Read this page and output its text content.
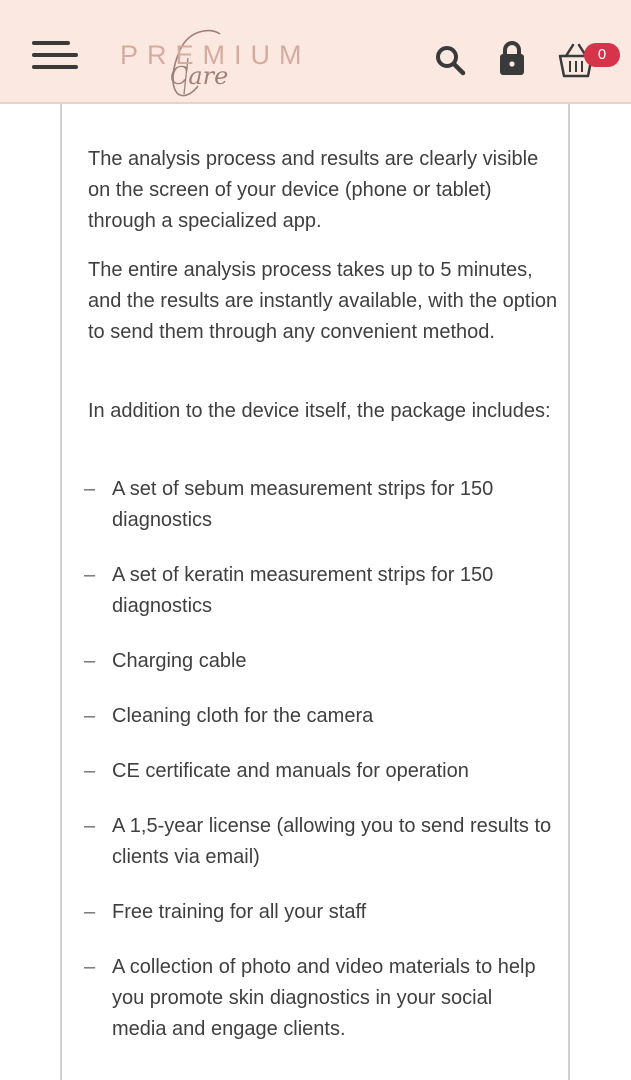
PREMIUM
Care
0

The analysis process and results are clearly visible on the screen of your device (phone or tablet) through a specialized app.

The entire analysis process takes up to 5 minutes, and the results are instantly available, with the option to send them through any convenient method.

In addition to the device itself, the package includes:

– A set of sebum measurement strips for 150 diagnostics
– A set of keratin measurement strips for 150 diagnostics
– Charging cable
– Cleaning cloth for the camera
– CE certificate and manuals for operation
– A 1,5-year license (allowing you to send results to clients via email)
– Free training for all your staff
– A collection of photo and video materials to help you promote skin diagnostics in your social media and engage clients.
